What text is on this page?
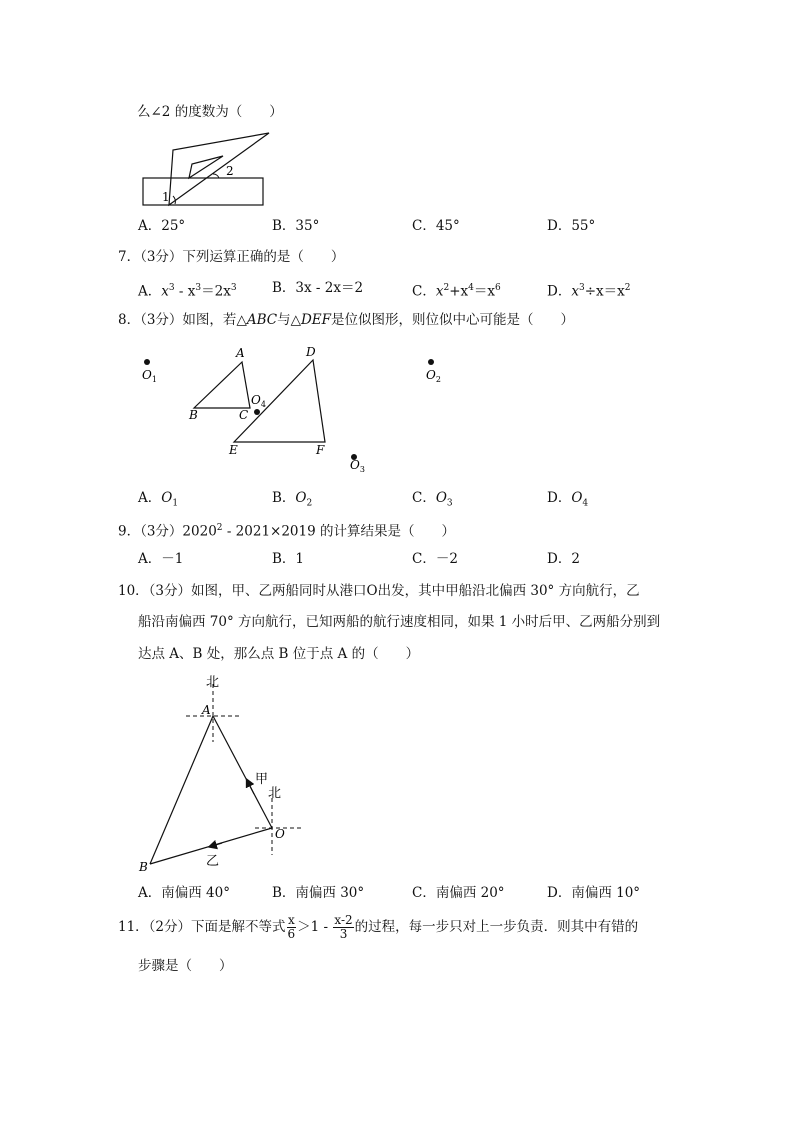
么∠2 的度数为（　　）
1
2
A．25°	B．35°	C．45°	D．55°
7．（3分）下列运算正确的是（　　）
A．$x^3 - x^3=2x^3$	B．3x - 2x＝2	C．$x^2+x^4=x^6$	D．$x^3\div x=x^2$
8．（3分）如图，若△ABC与△DEF是位似图形，则位似中心可能是（　　）
A
B	C
D
E	F
$O_1$	$O_2$
$O_4$
$O_3$
A．$O_1$	B．$O_2$	C．$O_3$	D．$O_4$
9．（3分）2020$^2$ - 2021×2019 的计算结果是（　　）
A．－1	B．1	C．－2	D．2
10．（3分）如图，甲、乙两船同时从港口O出发，其中甲船沿北偏西 30° 方向航行，乙
船沿南偏西 70° 方向航行，已知两船的航行速度相同，如果 1 小时后甲、乙两船分别到
达点 A、B 处，那么点 B 位于点 A 的（　　）
北
北
A
O
B
甲
乙
A．南偏西 40°	B．南偏西 30°	C．南偏西 20°	D．南偏西 10°
11．（2分）下面是解不等式 $\frac{x}{6} >1 - \frac{x-2}{3}$ 的过程，每一步只对上一步负责．则其中有错的
步骤是（　　）
